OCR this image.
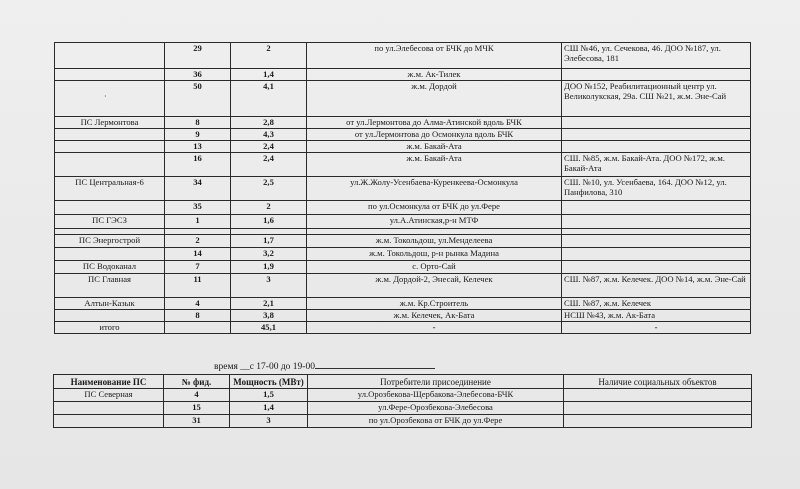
·
	29	2	по ул.Элебесова от БЧК до МЧК	СШ №46, ул. Сечекова, 46. ДОО №187, ул. Элебесова, 181
	36	1,4	ж.м. Ак-Тилек	
	50	4,1	ж.м. Дордой	ДОО №152, Реабилитационный центр ул. Великолукская, 29а. СШ №21, ж.м. Эне-Сай
ПС Лермонтова	8	2,8	от ул.Лермонтова до Алма-Атинской вдоль БЧК	
	9	4,3	от ул.Лермонтова до Осмонкула вдоль БЧК	
	13	2,4	ж.м. Бакай-Ата	
	16	2,4	ж.м. Бакай-Ата	СШ. №85, ж.м. Бакай-Ата. ДОО №172, ж.м. Бакай-Ата
ПС Центральная-6	34	2,5	ул.Ж.Жолу-Усенбаева-Куренкеева-Осмонкула	СШ. №10, ул. Усенбаева, 164. ДОО №12, ул. Панфилова, 310
	35	2	по ул.Осмонкула от БЧК до ул.Фере	
ПС ГЭСЗ	1	1,6	ул.А.Атинская,р-н МТФ	

ПС Энергострой	2	1,7	ж.м. Токольдош, ул.Менделеева	
	14	3,2	ж.м. Токольдош, р-н рынка Мадина	
ПС Водоканал	7	1,9	с. Орто-Сай	
ПС Главная	11	3	ж.м. Дордой-2, Энесай, Келечек	СШ. №87, ж.м. Келечек. ДОО №14, ж.м. Эне-Сай
Алтын-Казык	4	2,1	ж.м. Кр.Строитель	СШ. №87, ж.м. Келечек
	8	3,8	ж.м. Келечек, Ак-Бата	НСШ №43, ж.м. Ак-Бата
итого		45,1	-	-
время __с 17-00 до 19-00
Наименование ПС	№ фид.	Мощность (МВт)	Потребители присоединение	Наличие социальных объектов
ПС Северная	4	1,5	ул.Орозбекова-Щербакова-Элебесова-БЧК	
	15	1,4	ул.Фере-Орозбекова-Элебесова	
	31	3	по ул.Орозбекова от БЧК до ул.Фере	
